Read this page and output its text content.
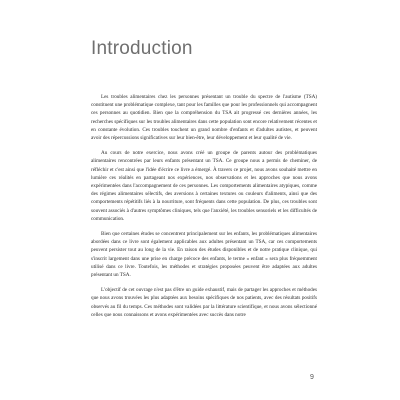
Introduction

Les troubles alimentaires chez les personnes présentant un trouble du spectre de l'autisme (TSA) constituent une problématique complexe, tant pour les familles que pour les professionnels qui accompagnent ces personnes au quotidien. Bien que la compréhension du TSA ait progressé ces dernières années, les recherches spécifiques sur les troubles alimentaires dans cette population sont encore relativement récentes et en constante évolution. Ces troubles touchent un grand nombre d'enfants et d'adultes autistes, et peuvent avoir des répercussions significatives sur leur bien-être, leur développement et leur qualité de vie.

Au cours de notre exercice, nous avons créé un groupe de parents autour des problématiques alimentaires rencontrées par leurs enfants présentant un TSA. Ce groupe nous a permis de cheminer, de réfléchir et c'est ainsi que l'idée d'écrire ce livre a émergé. À travers ce projet, nous avons souhaité mettre en lumière ces réalités en partageant nos expériences, nos observations et les approches que nous avons expérimentées dans l'accompagnement de ces personnes. Les comportements alimentaires atypiques, comme des régimes alimentaires sélectifs, des aversions à certaines textures ou couleurs d'aliments, ainsi que des comportements répétitifs liés à la nourriture, sont fréquents dans cette population. De plus, ces troubles sont souvent associés à d'autres symptômes cliniques, tels que l'anxiété, les troubles sensoriels et les difficultés de communication.

Bien que certaines études se concentrent principalement sur les enfants, les problématiques alimentaires abordées dans ce livre sont également applicables aux adultes présentant un TSA, car ces comportements peuvent persister tout au long de la vie. En raison des études disponibles et de notre pratique clinique, qui s'inscrit largement dans une prise en charge précoce des enfants, le terme « enfant » sera plus fréquemment utilisé dans ce livre. Toutefois, les méthodes et stratégies proposées peuvent être adaptées aux adultes présentant un TSA.

L'objectif de cet ouvrage n'est pas d'être un guide exhaustif, mais de partager les approches et méthodes que nous avons trouvées les plus adaptées aux besoins spécifiques de nos patients, avec des résultats positifs observés au fil du temps. Ces méthodes sont validées par la littérature scientifique, et nous avons sélectionné celles que nous connaissons et avons expérimentées avec succès dans notre

9
